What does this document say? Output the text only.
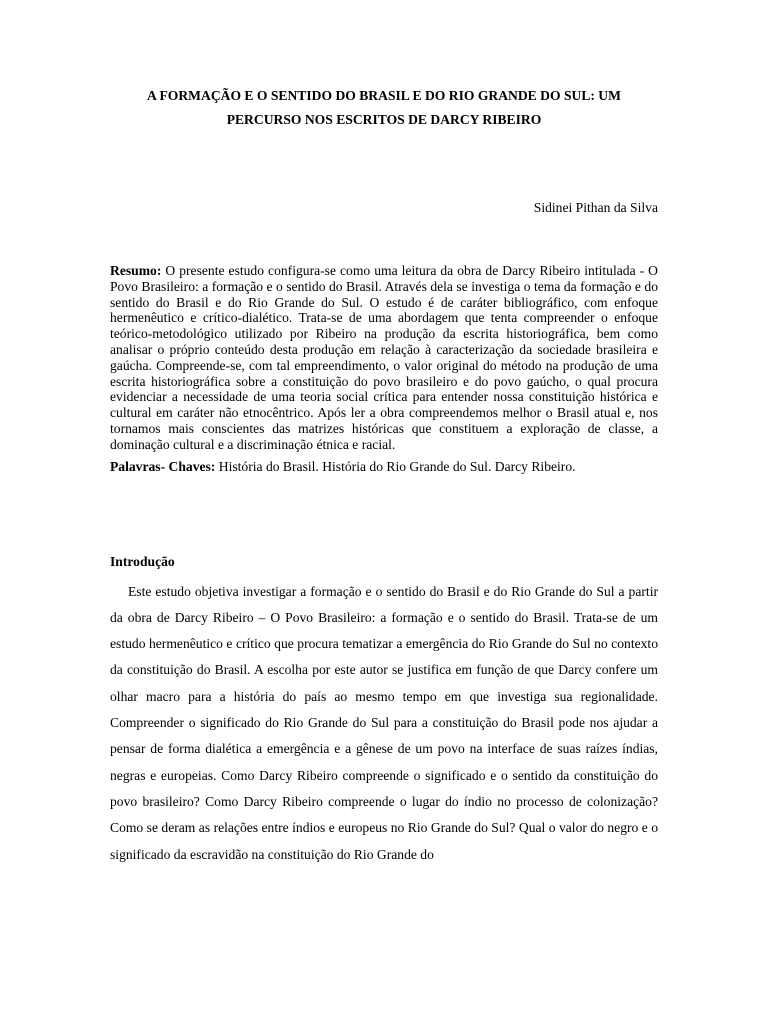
A FORMAÇÃO E O SENTIDO DO BRASIL E DO RIO GRANDE DO SUL: UM
PERCURSO NOS ESCRITOS DE DARCY RIBEIRO

Sidinei Pithan da Silva

Resumo: O presente estudo configura-se como uma leitura da obra de Darcy Ribeiro intitulada - O Povo Brasileiro: a formação e o sentido do Brasil. Através dela se investiga o tema da formação e do sentido do Brasil e do Rio Grande do Sul. O estudo é de caráter bibliográfico, com enfoque hermenêutico e crítico-dialético. Trata-se de uma abordagem que tenta compreender o enfoque teórico-metodológico utilizado por Ribeiro na produção da escrita historiográfica, bem como analisar o próprio conteúdo desta produção em relação à caracterização da sociedade brasileira e gaúcha. Compreende-se, com tal empreendimento, o valor original do método na produção de uma escrita historiográfica sobre a constituição do povo brasileiro e do povo gaúcho, o qual procura evidenciar a necessidade de uma teoria social crítica para entender nossa constituição histórica e cultural em caráter não etnocêntrico. Após ler a obra compreendemos melhor o Brasil atual e, nos tornamos mais conscientes das matrizes históricas que constituem a exploração de classe, a dominação cultural e a discriminação étnica e racial.

Palavras- Chaves: História do Brasil. História do Rio Grande do Sul. Darcy Ribeiro.

Introdução

Este estudo objetiva investigar a formação e o sentido do Brasil e do Rio Grande do Sul a partir da obra de Darcy Ribeiro – O Povo Brasileiro: a formação e o sentido do Brasil. Trata-se de um estudo hermenêutico e crítico que procura tematizar a emergência do Rio Grande do Sul no contexto da constituição do Brasil. A escolha por este autor se justifica em função de que Darcy confere um olhar macro para a história do país ao mesmo tempo em que investiga sua regionalidade. Compreender o significado do Rio Grande do Sul para a constituição do Brasil pode nos ajudar a pensar de forma dialética a emergência e a gênese de um povo na interface de suas raízes índias, negras e europeias. Como Darcy Ribeiro compreende o significado e o sentido da constituição do povo brasileiro? Como Darcy Ribeiro compreende o lugar do índio no processo de colonização? Como se deram as relações entre índios e europeus no Rio Grande do Sul? Qual o valor do negro e o significado da escravidão na constituição do Rio Grande do
